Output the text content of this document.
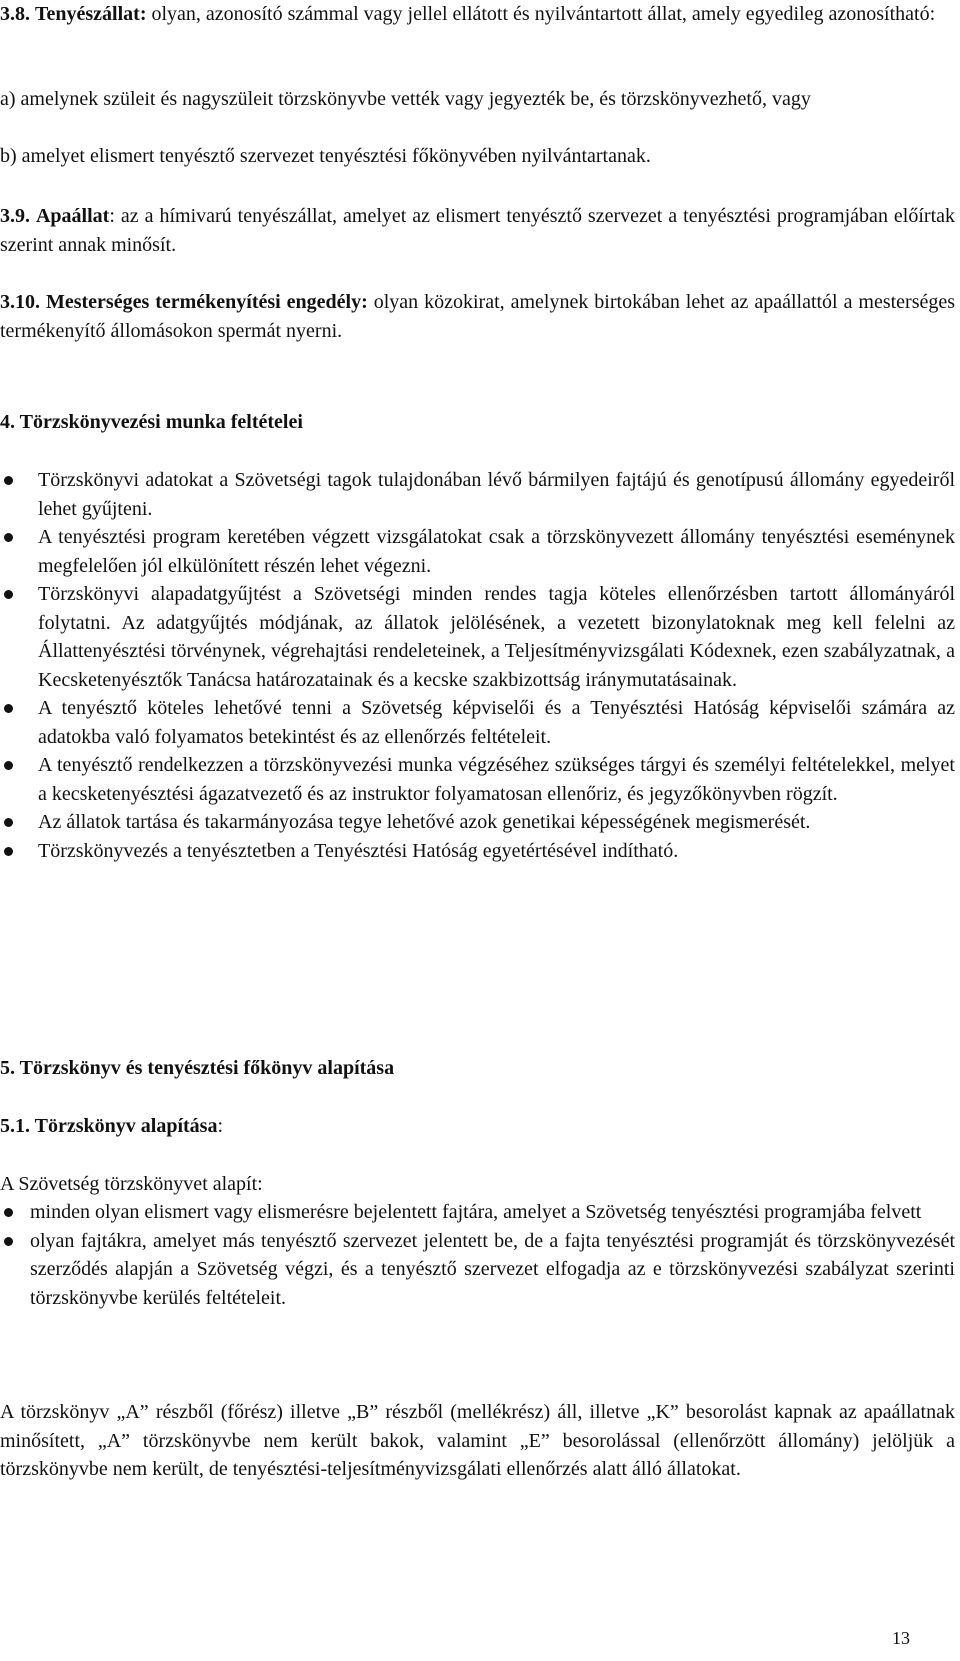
3.8. Tenyészállat: olyan, azonosító számmal vagy jellel ellátott és nyilvántartott állat, amely egyedileg azonosítható:

a) amelynek szüleit és nagyszüleit törzskönyvbe vették vagy jegyezték be, és törzskönyvezhető, vagy

b) amelyet elismert tenyésztő szervezet tenyésztési főkönyvében nyilvántartanak.

3.9. Apaállat: az a hímivarú tenyészállat, amelyet az elismert tenyésztő szervezet a tenyésztési programjában előírtak szerint annak minősít.

3.10. Mesterséges termékenyítési engedély: olyan közokirat, amelynek birtokában lehet az apaállattól a mesterséges termékenyítő állomásokon spermát nyerni.

4. Törzskönyvezési munka feltételei
Törzskönyvi adatokat a Szövetségi tagok tulajdonában lévő bármilyen fajtájú és genotípusú állomány egyedeiről lehet gyűjteni.
A tenyésztési program keretében végzett vizsgálatokat csak a törzskönyvezett állomány tenyésztési eseménynek megfelelően jól elkülönített részén lehet végezni.
Törzskönyvi alapadatgyűjtést a Szövetségi minden rendes tagja köteles ellenőrzésben tartott állományáról folytatni. Az adatgyűjtés módjának, az állatok jelölésének, a vezetett bizonylatoknak meg kell felelni az Állattenyésztési törvénynek, végrehajtási rendeleteinek, a Teljesítményvizsgálati Kódexnek, ezen szabályzatnak, a Kecsketenyésztők Tanácsa határozatainak és a kecske szakbizottság iránymutatásainak.
A tenyésztő köteles lehetővé tenni a Szövetség képviselői és a Tenyésztési Hatóság képviselői számára az adatokba való folyamatos betekintést és az ellenőrzés feltételeit.
A tenyésztő rendelkezzen a törzskönyvezési munka végzéséhez szükséges tárgyi és személyi feltételekkel, melyet a kecsketenyésztési ágazatvezető és az instruktor folyamatosan ellenőriz, és jegyzőkönyvben rögzít.
Az állatok tartása és takarmányozása tegye lehetővé azok genetikai képességének megismerését.
Törzskönyvezés a tenyésztetben a Tenyésztési Hatóság egyetértésével indítható.
5. Törzskönyv és tenyésztési főkönyv alapítása

5.1. Törzskönyv alapítása:

A Szövetség törzskönyvet alapít:

minden olyan elismert vagy elismerésre bejelentett fajtára, amelyet a Szövetség tenyésztési programjába felvett
olyan fajtákra, amelyet más tenyésztő szervezet jelentett be, de a fajta tenyésztési programját és törzskönyvezését szerződés alapján a Szövetség végzi, és a tenyésztő szervezet elfogadja az e törzskönyvezési szabályzat szerinti törzskönyvbe kerülés feltételeit.

A törzskönyv „A” részből (főrész) illetve „B” részből (mellékrész) áll, illetve „K” besorolást kapnak az apaállatnak minősített, „A” törzskönyvbe nem került bakok, valamint „E” besorolással (ellenőrzött állomány) jelöljük a törzskönyvbe nem került, de tenyésztési-teljesítményvizsgálati ellenőrzés alatt álló állatokat.

13
